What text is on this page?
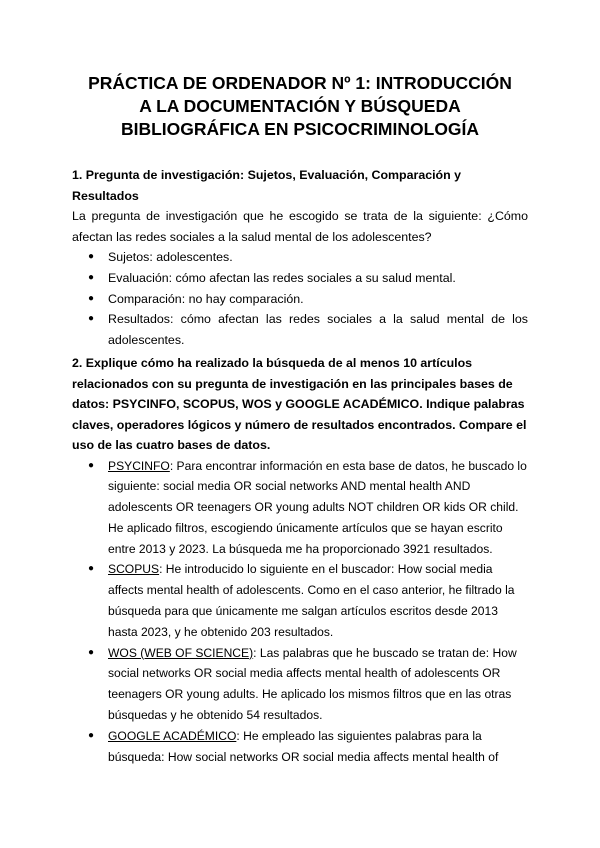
PRÁCTICA DE ORDENADOR Nº 1: INTRODUCCIÓN
A LA DOCUMENTACIÓN Y BÚSQUEDA
BIBLIOGRÁFICA EN PSICOCRIMINOLOGÍA

1. Pregunta de investigación: Sujetos, Evaluación, Comparación y Resultados

La pregunta de investigación que he escogido se trata de la siguiente: ¿Cómo afectan las redes sociales a la salud mental de los adolescentes?

● Sujetos: adolescentes.
● Evaluación: cómo afectan las redes sociales a su salud mental.
● Comparación: no hay comparación.
● Resultados: cómo afectan las redes sociales a la salud mental de los adolescentes.

2. Explique cómo ha realizado la búsqueda de al menos 10 artículos relacionados con su pregunta de investigación en las principales bases de datos: PSYCINFO, SCOPUS, WOS y GOOGLE ACADÉMICO. Indique palabras claves, operadores lógicos y número de resultados encontrados. Compare el uso de las cuatro bases de datos.

● PSYCINFO: Para encontrar información en esta base de datos, he buscado lo siguiente: social media OR social networks AND mental health AND adolescents OR teenagers OR young adults NOT children OR kids OR child. He aplicado filtros, escogiendo únicamente artículos que se hayan escrito entre 2013 y 2023. La búsqueda me ha proporcionado 3921 resultados.
● SCOPUS: He introducido lo siguiente en el buscador: How social media affects mental health of adolescents. Como en el caso anterior, he filtrado la búsqueda para que únicamente me salgan artículos escritos desde 2013 hasta 2023, y he obtenido 203 resultados.
● WOS (WEB OF SCIENCE): Las palabras que he buscado se tratan de: How social networks OR social media affects mental health of adolescents OR teenagers OR young adults. He aplicado los mismos filtros que en las otras búsquedas y he obtenido 54 resultados.
● GOOGLE ACADÉMICO: He empleado las siguientes palabras para la búsqueda: How social networks OR social media affects mental health of
